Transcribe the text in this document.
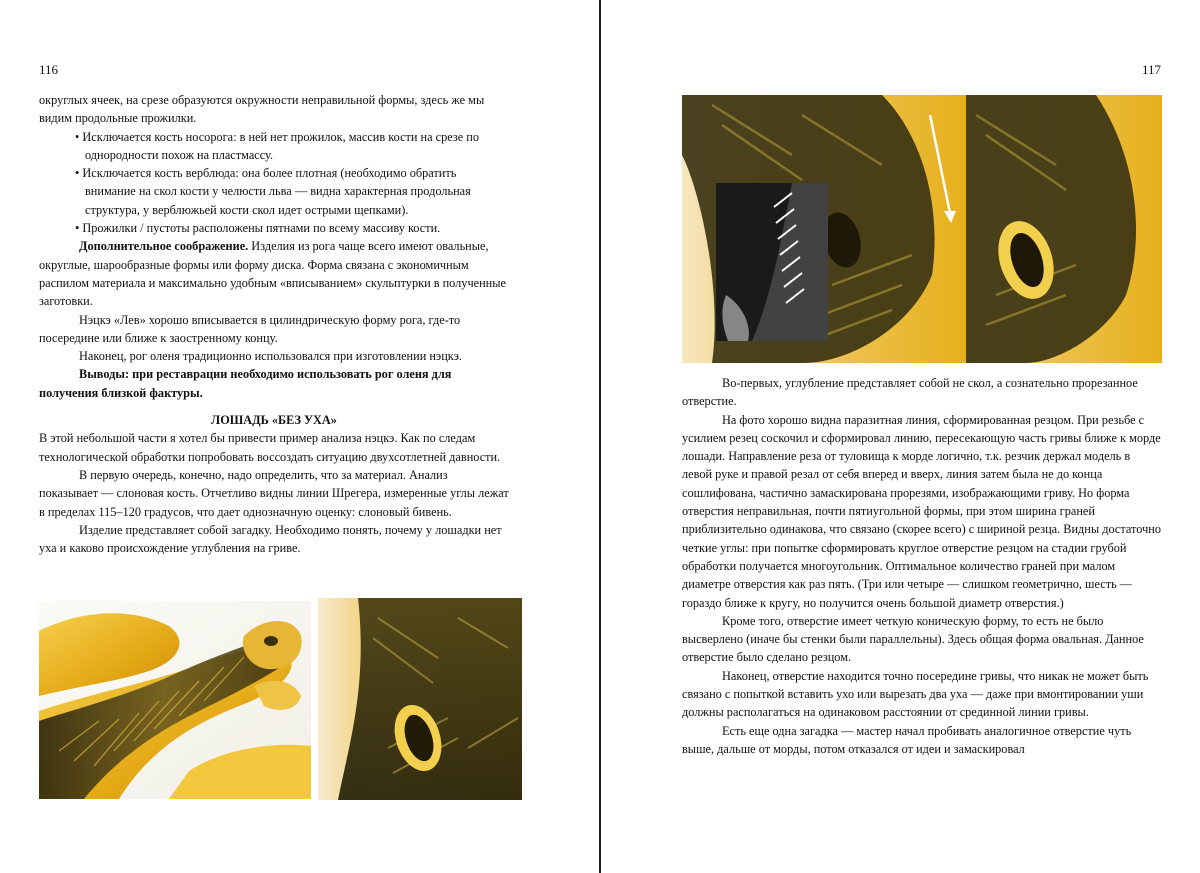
116

округлых ячеек, на срезе образуются окружности неправильной формы, здесь же мы видим продольные прожилки.

• Исключается кость носорога: в ней нет прожилок, массив кости на срезе по однородности похож на пластмассу.

• Исключается кость верблюда: она более плотная (необходимо обратить внимание на скол кости у челюсти льва — видна характерная продольная структура, у верблюжьей кости скол идет острыми щепками).

• Прожилки / пустоты расположены пятнами по всему массиву кости.

Дополнительное соображение. Изделия из рога чаще всего имеют овальные, округлые, шарообразные формы или форму диска. Форма связана с экономичным распилом материала и максимально удобным «вписыванием» скульптурки в полученные заготовки.

Нэцкэ «Лев» хорошо вписывается в цилиндрическую форму рога, где-то посередине или ближе к заостренному концу.

Наконец, рог оленя традиционно использовался при изготовлении нэцкэ.

Выводы: при реставрации необходимо использовать рог оленя для получения близкой фактуры.

ЛОШАДЬ «БЕЗ УХА»

В этой небольшой части я хотел бы привести пример анализа нэцкэ. Как по следам технологической обработки попробовать воссоздать ситуацию двухсотлетней давности.

В первую очередь, конечно, надо определить, что за материал. Анализ показывает — слоновая кость. Отчетливо видны линии Шрегера, измеренные углы лежат в пределах 115–120 градусов, что дает однозначную оценку: слоновый бивень.

Изделие представляет собой загадку. Необходимо понять, почему у лошадки нет уха и каково происхождение углубления на гриве.

117

Во-первых, углубление представляет собой не скол, а сознательно прорезанное отверстие.

На фото хорошо видна паразитная линия, сформированная резцом. При резьбе с усилием резец соскочил и сформировал линию, пересекающую часть гривы ближе к морде лошади. Направление реза от туловища к морде логично, т.к. резчик держал модель в левой руке и правой резал от себя вперед и вверх, линия затем была не до конца сошлифована, частично замаскирована прорезями, изображающими гриву. Но форма отверстия неправильная, почти пятиугольной формы, при этом ширина граней приблизительно одинакова, что связано (скорее всего) с шириной резца. Видны достаточно четкие углы: при попытке сформировать круглое отверстие резцом на стадии грубой обработки получается многоугольник. Оптимальное количество граней при малом диаметре отверстия как раз пять. (Три или четыре — слишком геометрично, шесть — гораздо ближе к кругу, но получится очень большой диаметр отверстия.)

Кроме того, отверстие имеет четкую коническую форму, то есть не было высверлено (иначе бы стенки были параллельны). Здесь общая форма овальная. Данное отверстие было сделано резцом.

Наконец, отверстие находится точно посередине гривы, что никак не может быть связано с попыткой вставить ухо или вырезать два уха — даже при вмонтировании уши должны располагаться на одинаковом расстоянии от срединной линии гривы.

Есть еще одна загадка — мастер начал пробивать аналогичное отверстие чуть выше, дальше от морды, потом отказался от идеи и замаскировал
